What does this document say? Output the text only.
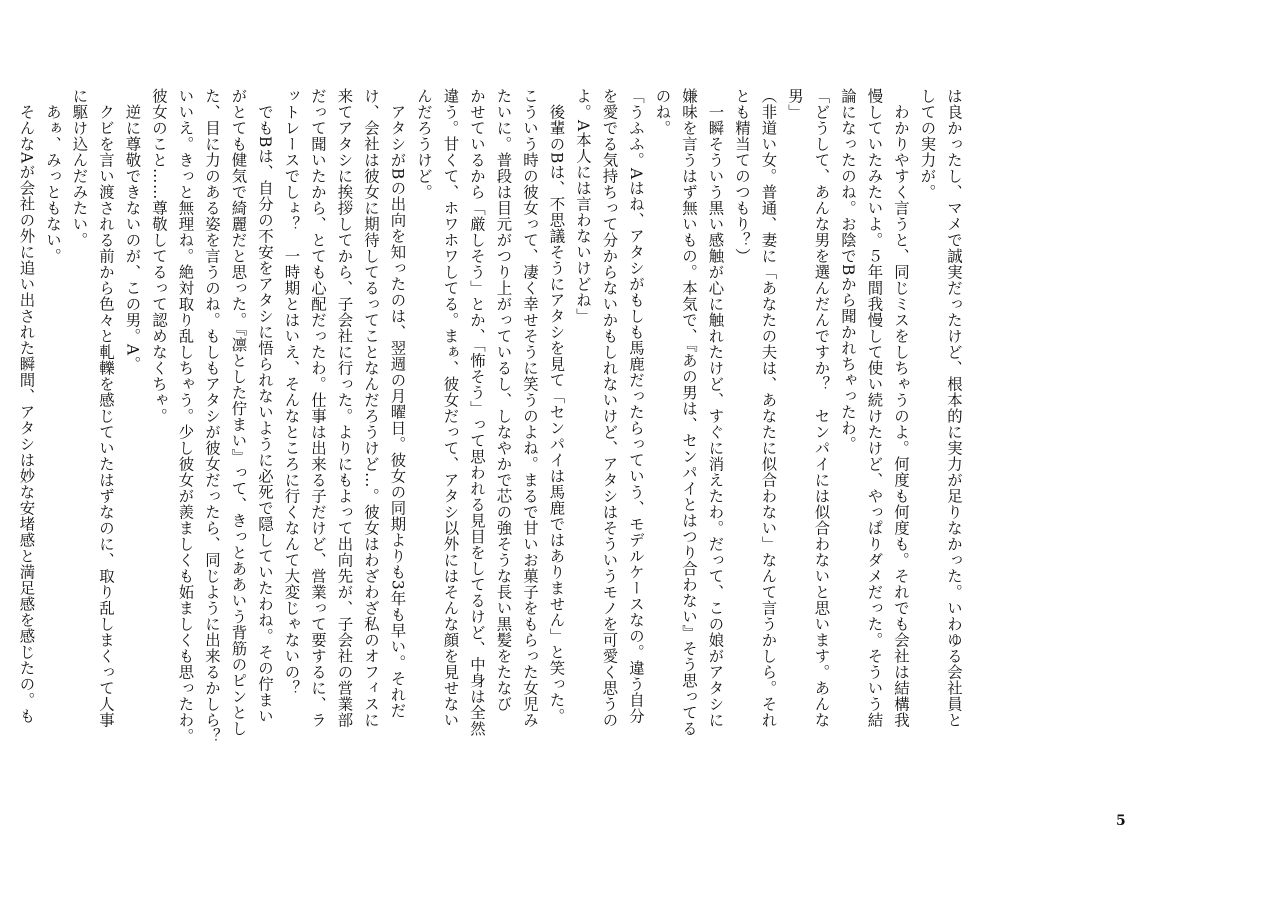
は良かったし、マメで誠実だったけど、根本的に実力が足りなかった。いわゆる会社員と
しての実力が。
　わかりやすく言うと、同じミスをしちゃうのよ。何度も何度も。それでも会社は結構我
慢していたみたいよ。５年間我慢して使い続けたけど、やっぱりダメだった。そういう結
論になったのね。お陰でBから聞かれちゃったわ。
「どうして、あんな男を選んだんですか？　センパイには似合わないと思います。あんな
男」
（非道い女。普通、妻に「あなたの夫は、あなたに似合わない」なんて言うかしら。それ
とも精当てのつもり？）
　一瞬そういう黒い感触が心に触れたけど、すぐに消えたわ。だって、この娘がアタシに
嫌味を言うはず無いもの。本気で、『あの男は、センパイとはつり合わない』そう思ってる
のね。
「うふふ。Aはね、アタシがもしも馬鹿だったらっていう、モデルケースなの。違う自分
を愛でる気持ちって分からないかもしれないけど、アタシはそういうモノを可愛く思うの
よ。A本人には言わないけどね」
　後輩のBは、不思議そうにアタシを見て「センパイは馬鹿ではありません」と笑った。
こういう時の彼女って、凄く幸せそうに笑うのよね。まるで甘いお菓子をもらった女児み
たいに。普段は目元がつり上がっているし、しなやかで芯の強そうな長い黒髪をたなび
かせているから「厳しそう」とか、「怖そう」って思われる見目をしてるけど、中身は全然
違う。甘くて、ホワホワしてる。まぁ、彼女だって、アタシ以外にはそんな顔を見せない
んだろうけど。
　アタシがBの出向を知ったのは、翌週の月曜日。彼女の同期よりも3年も早い。それだ
け、会社は彼女に期待してるってことなんだろうけど…。彼女はわざわざ私のオフィスに
来てアタシに挨拶してから、子会社に行った。よりにもよって出向先が、子会社の営業部
だって聞いたから、とても心配だったわ。仕事は出来る子だけど、営業って要するに、ラ
ットレースでしょ？　一時期とはいえ、そんなところに行くなんて大変じゃないの？
　でもBは、自分の不安をアタシに悟られないように必死で隠していたわね。その佇まい
がとても健気で綺麗だと思った。『凛とした佇まい』って、きっとああいう背筋のピンとし
た、目に力のある姿を言うのね。もしもアタシが彼女だったら、同じように出来るかしら？
いいえ。きっと無理ね。絶対取り乱しちゃう。少し彼女が羨ましくも妬ましくも思ったわ。
彼女のこと……尊敬してるって認めなくちゃ。
　逆に尊敬できないのが、この男。A。
　クビを言い渡される前から色々と軋轢を感じていたはずなのに、取り乱しまくって人事
に駆け込んだみたい。
　あぁ、みっともない。
　そんなAが会社の外に追い出された瞬間、アタシは妙な安堵感と満足感を感じたの。も
5
